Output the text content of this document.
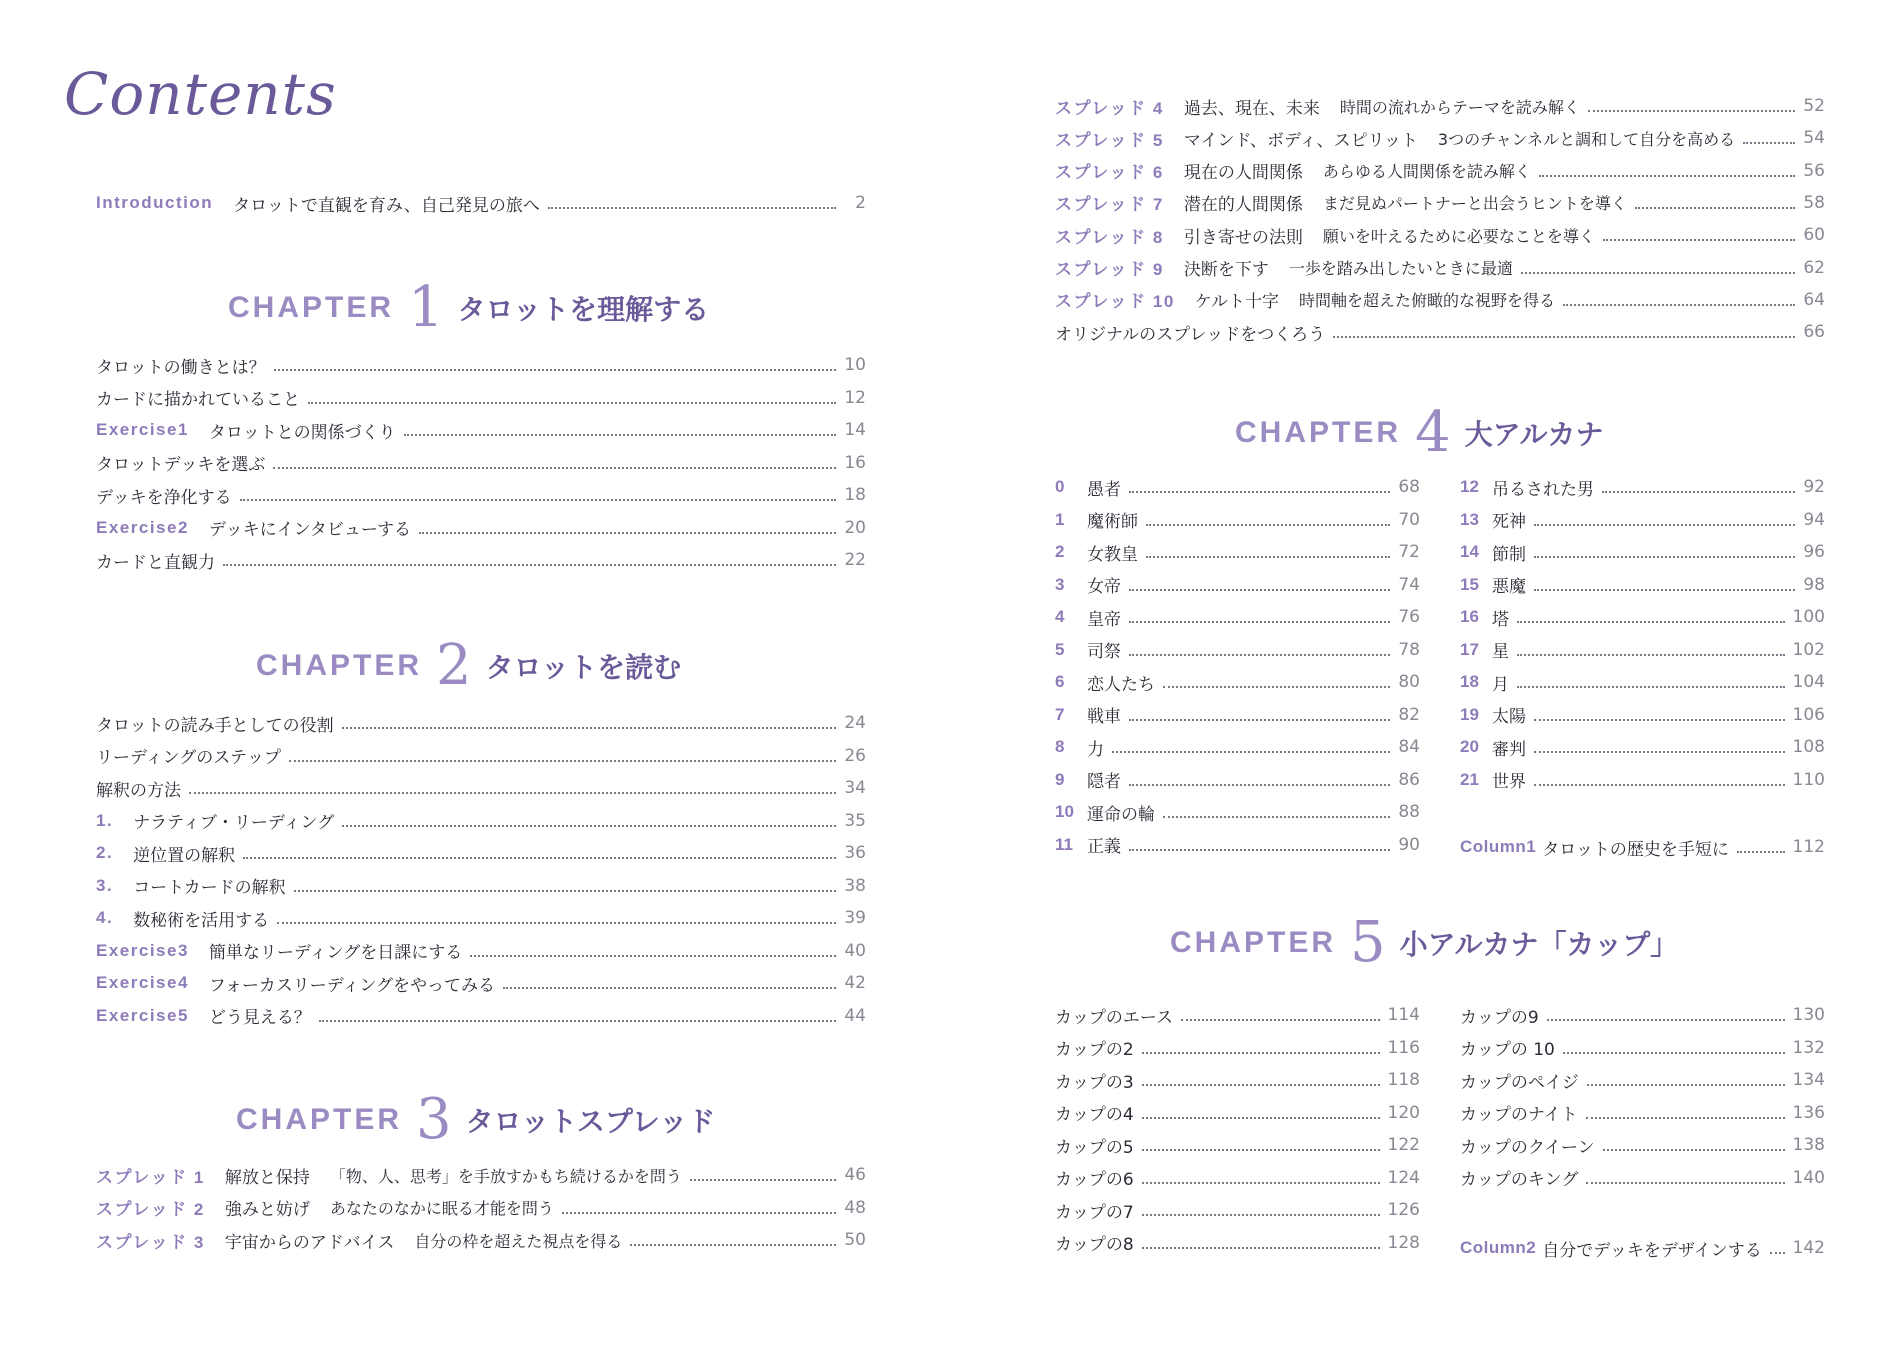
Contents
Introduction タロットで直観を育み、自己発見の旅へ	2
CHAPTER 1 タロットを理解する
タロットの働きとは？	10
カードに描かれていること	12
Exercise1 タロットとの関係づくり	14
タロットデッキを選ぶ	16
デッキを浄化する	18
Exercise2 デッキにインタビューする	20
カードと直観力	22
CHAPTER 2 タロットを読む
タロットの読み手としての役割	24
リーディングのステップ	26
解釈の方法	34
1. ナラティブ・リーディング	35
2. 逆位置の解釈	36
3. コートカードの解釈	38
4. 数秘術を活用する	39
Exercise3 簡単なリーディングを日課にする	40
Exercise4 フォーカスリーディングをやってみる	42
Exercise5 どう見える？	44
CHAPTER 3 タロットスプレッド
スプレッド 1 解放と保持 「物、人、思考」を手放すかもち続けるかを問う	46
スプレッド 2 強みと妨げ あなたのなかに眠る才能を問う	48
スプレッド 3 宇宙からのアドバイス 自分の枠を超えた視点を得る	50
スプレッド 4 過去、現在、未来 時間の流れからテーマを読み解く	52
スプレッド 5 マインド、ボディ、スピリット 3つのチャンネルと調和して自分を高める	54
スプレッド 6 現在の人間関係 あらゆる人間関係を読み解く	56
スプレッド 7 潜在的人間関係 まだ見ぬパートナーと出会うヒントを導く	58
スプレッド 8 引き寄せの法則 願いを叶えるために必要なことを導く	60
スプレッド 9 決断を下す 一歩を踏み出したいときに最適	62
スプレッド 10 ケルト十字 時間軸を超えた俯瞰的な視野を得る	64
オリジナルのスプレッドをつくろう	66
CHAPTER 4 大アルカナ
0	愚者	68
1	魔術師	70
2	女教皇	72
3	女帝	74
4	皇帝	76
5	司祭	78
6	恋人たち	80
7	戦車	82
8	力	84
9	隠者	86
10 運命の輪	88
11 正義	90
12 吊るされた男	92
13 死神	94
14 節制	96
15 悪魔	98
16 塔	100
17 星	102
18 月	104
19 太陽	106
20 審判	108
21 世界	110
Column1 タロットの歴史を手短に	112
CHAPTER 5 小アルカナ「カップ」
カップのエース	114
カップの2	116
カップの3	118
カップの4	120
カップの5	122
カップの6	124
カップの7	126
カップの8	128
カップの9	130
カップの 10	132
カップのペイジ	134
カップのナイト	136
カップのクイーン	138
カップのキング	140
Column2 自分でデッキをデザインする 142
